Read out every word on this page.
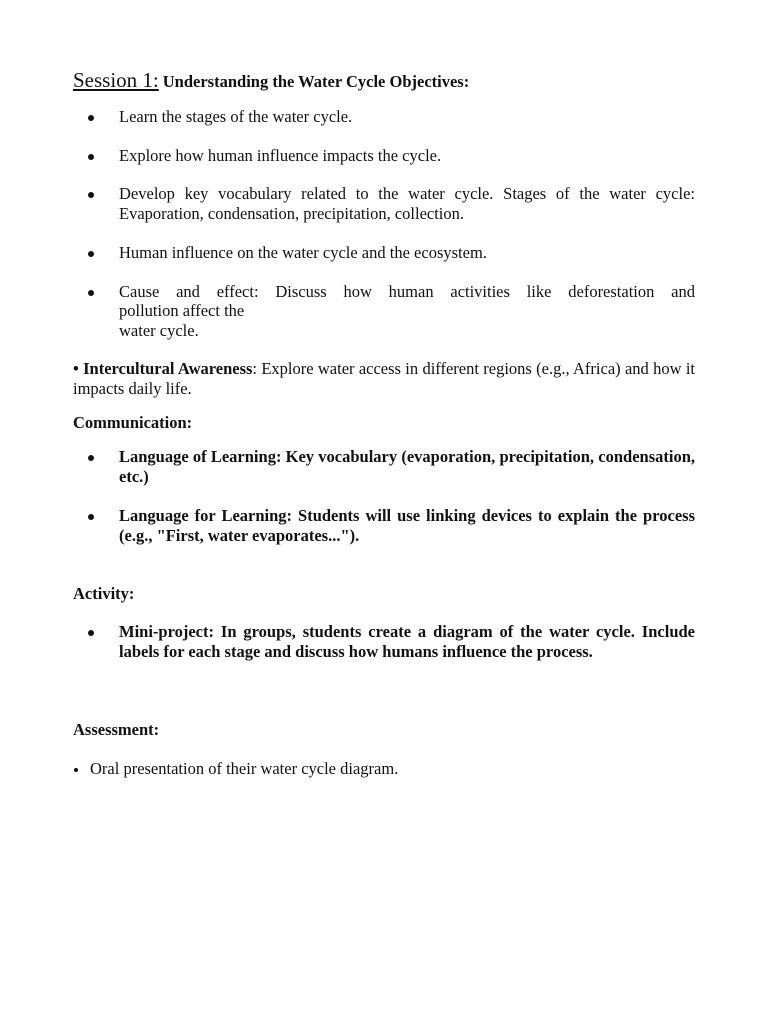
Session 1: Understanding the Water Cycle Objectives:
Learn the stages of the water cycle.
Explore how human influence impacts the cycle.
Develop key vocabulary related to the water cycle. Stages of the water cycle: Evaporation, condensation, precipitation, collection.
Human influence on the water cycle and the ecosystem.
Cause and effect: Discuss how human activities like deforestation and
pollution affect the
water cycle.
• Intercultural Awareness: Explore water access in different regions (e.g., Africa) and how it impacts daily life.
Communication:
Language of Learning: Key vocabulary (evaporation, precipitation, condensation, etc.)
Language for Learning: Students will use linking devices to explain the process (e.g., "First, water evaporates...").
Activity:
Mini-project: In groups, students create a diagram of the water cycle. Include labels for each stage and discuss how humans influence the process.
Assessment:
Oral presentation of their water cycle diagram.
